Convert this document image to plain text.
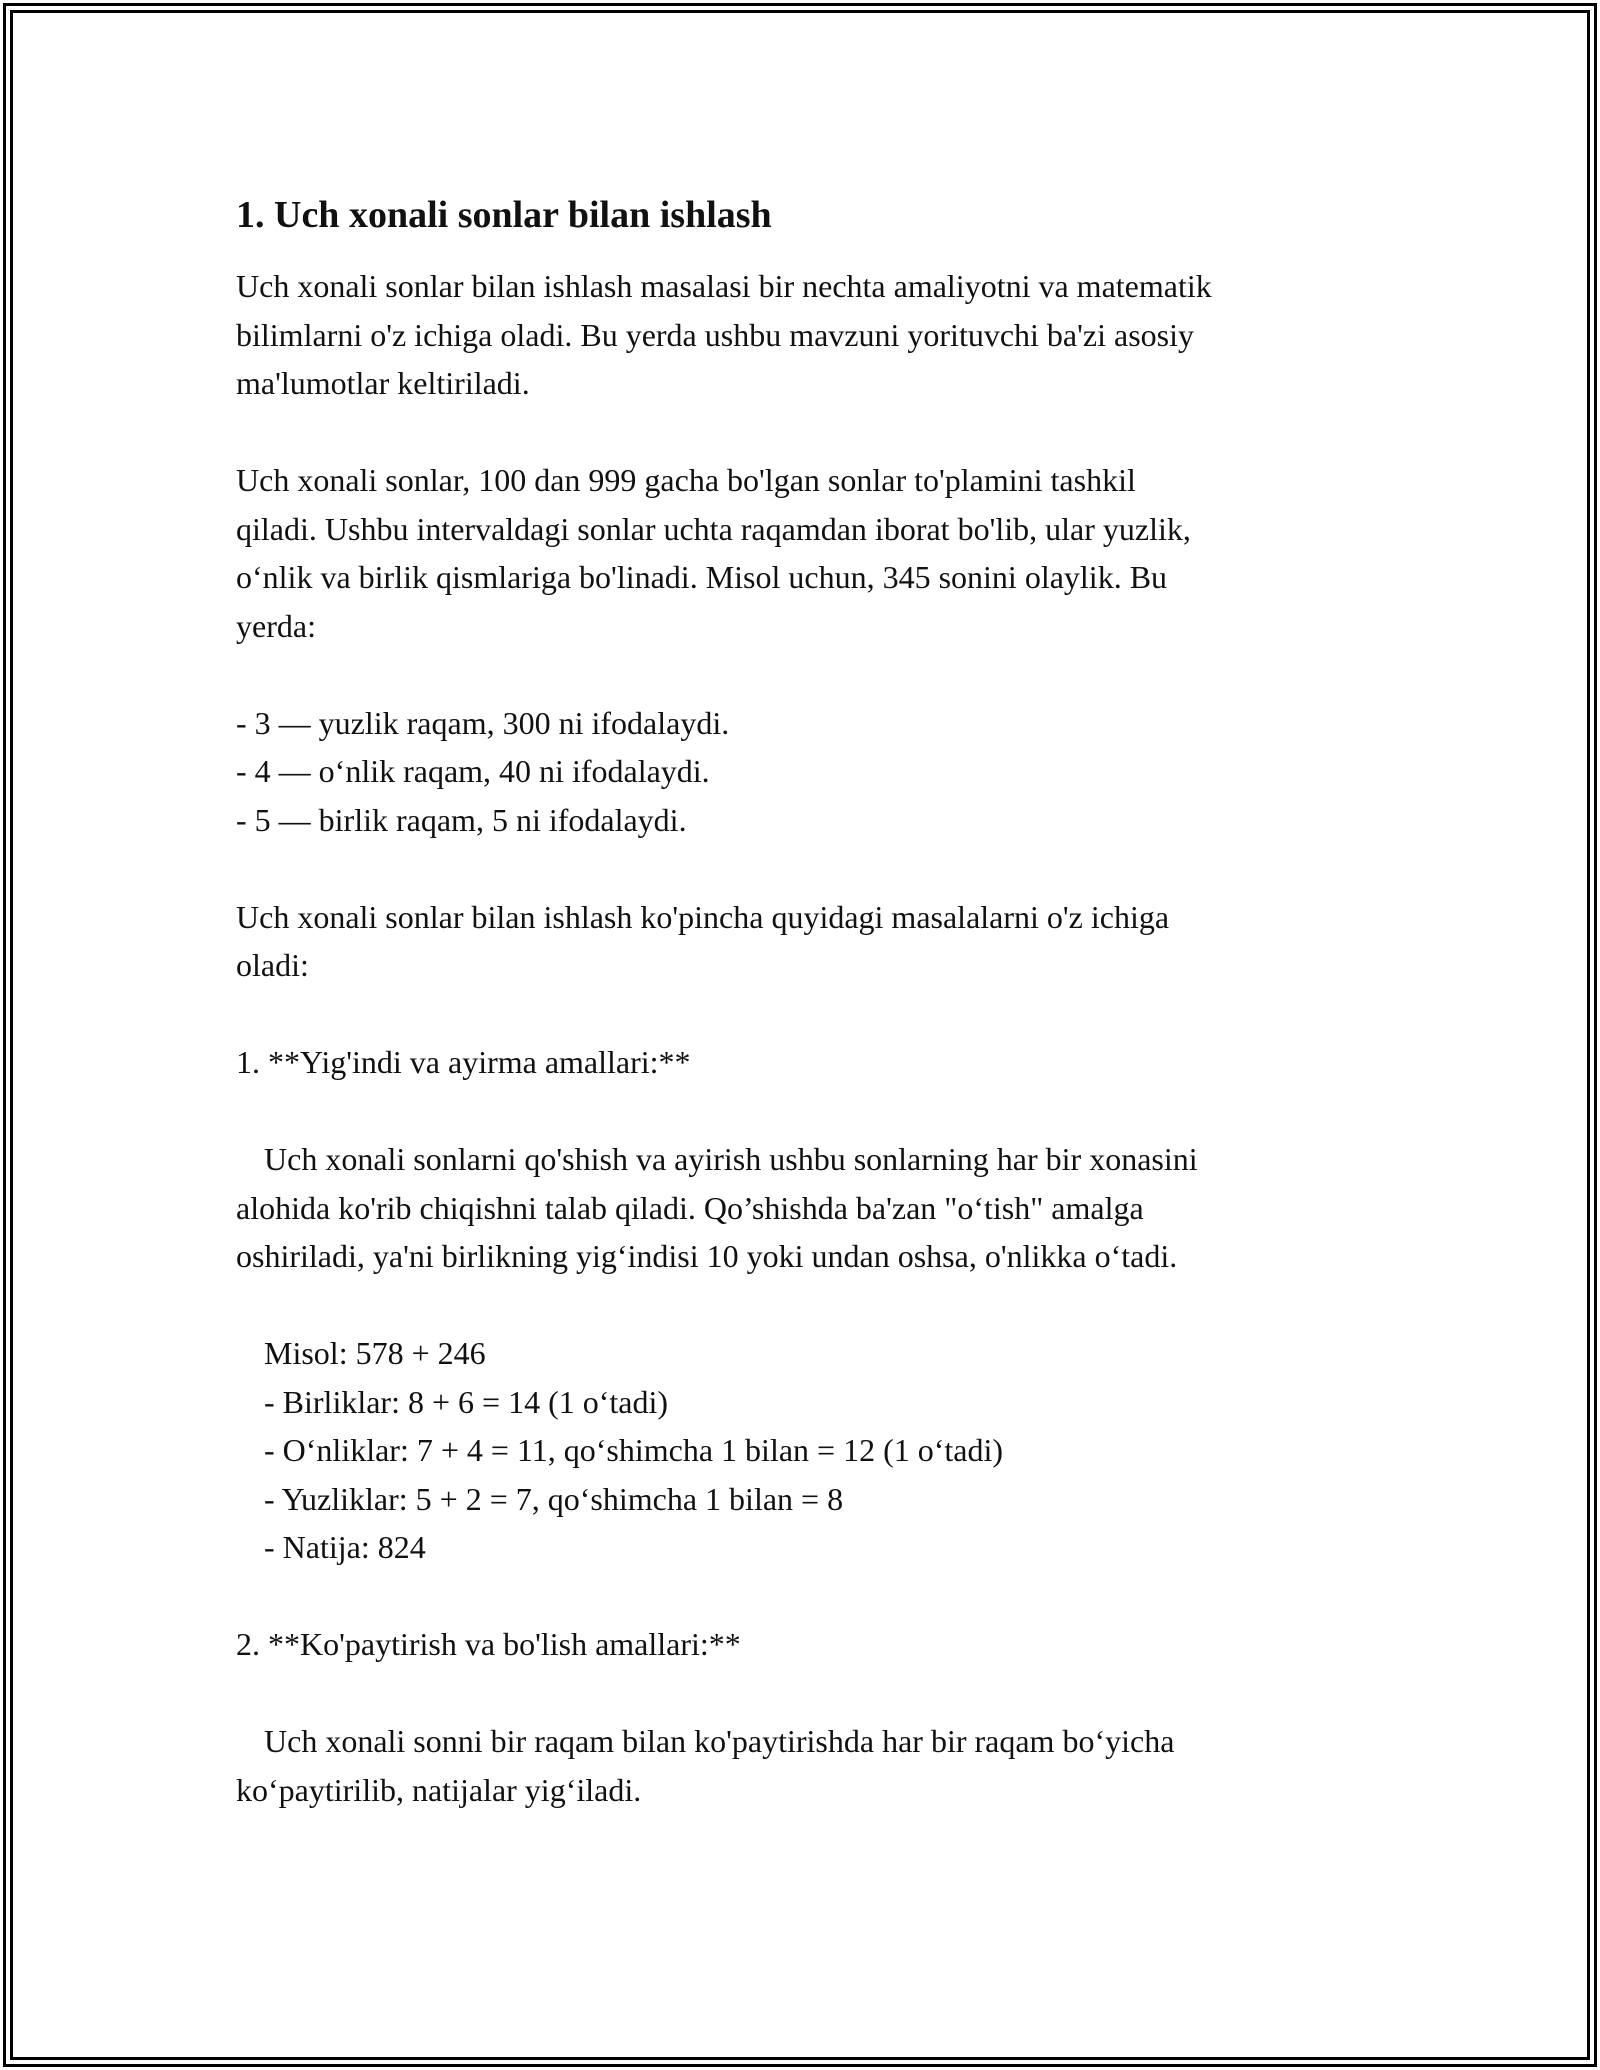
1. Uch xonali sonlar bilan ishlash
Uch xonali sonlar bilan ishlash masalasi bir nechta amaliyotni va matematik
bilimlarni o'z ichiga oladi. Bu yerda ushbu mavzuni yorituvchi ba'zi asosiy
ma'lumotlar keltiriladi.
Uch xonali sonlar, 100 dan 999 gacha bo'lgan sonlar to'plamini tashkil
qiladi. Ushbu intervaldagi sonlar uchta raqamdan iborat bo'lib, ular yuzlik,
o‘nlik va birlik qismlariga bo'linadi. Misol uchun, 345 sonini olaylik. Bu
yerda:
- 3 — yuzlik raqam, 300 ni ifodalaydi.
- 4 — o‘nlik raqam, 40 ni ifodalaydi.
- 5 — birlik raqam, 5 ni ifodalaydi.
Uch xonali sonlar bilan ishlash ko'pincha quyidagi masalalarni o'z ichiga
oladi:
1. **Yig'indi va ayirma amallari:**
Uch xonali sonlarni qo'shish va ayirish ushbu sonlarning har bir xonasini
alohida ko'rib chiqishni talab qiladi. Qo’shishda ba'zan "o‘tish" amalga
oshiriladi, ya'ni birlikning yig‘indisi 10 yoki undan oshsa, o'nlikka o‘tadi.
Misol: 578 + 246
- Birliklar: 8 + 6 = 14 (1 o‘tadi)
- O‘nliklar: 7 + 4 = 11, qo‘shimcha 1 bilan = 12 (1 o‘tadi)
- Yuzliklar: 5 + 2 = 7, qo‘shimcha 1 bilan = 8
- Natija: 824
2. **Ko'paytirish va bo'lish amallari:**
Uch xonali sonni bir raqam bilan ko'paytirishda har bir raqam bo‘yicha
ko‘paytirilib, natijalar yig‘iladi.
